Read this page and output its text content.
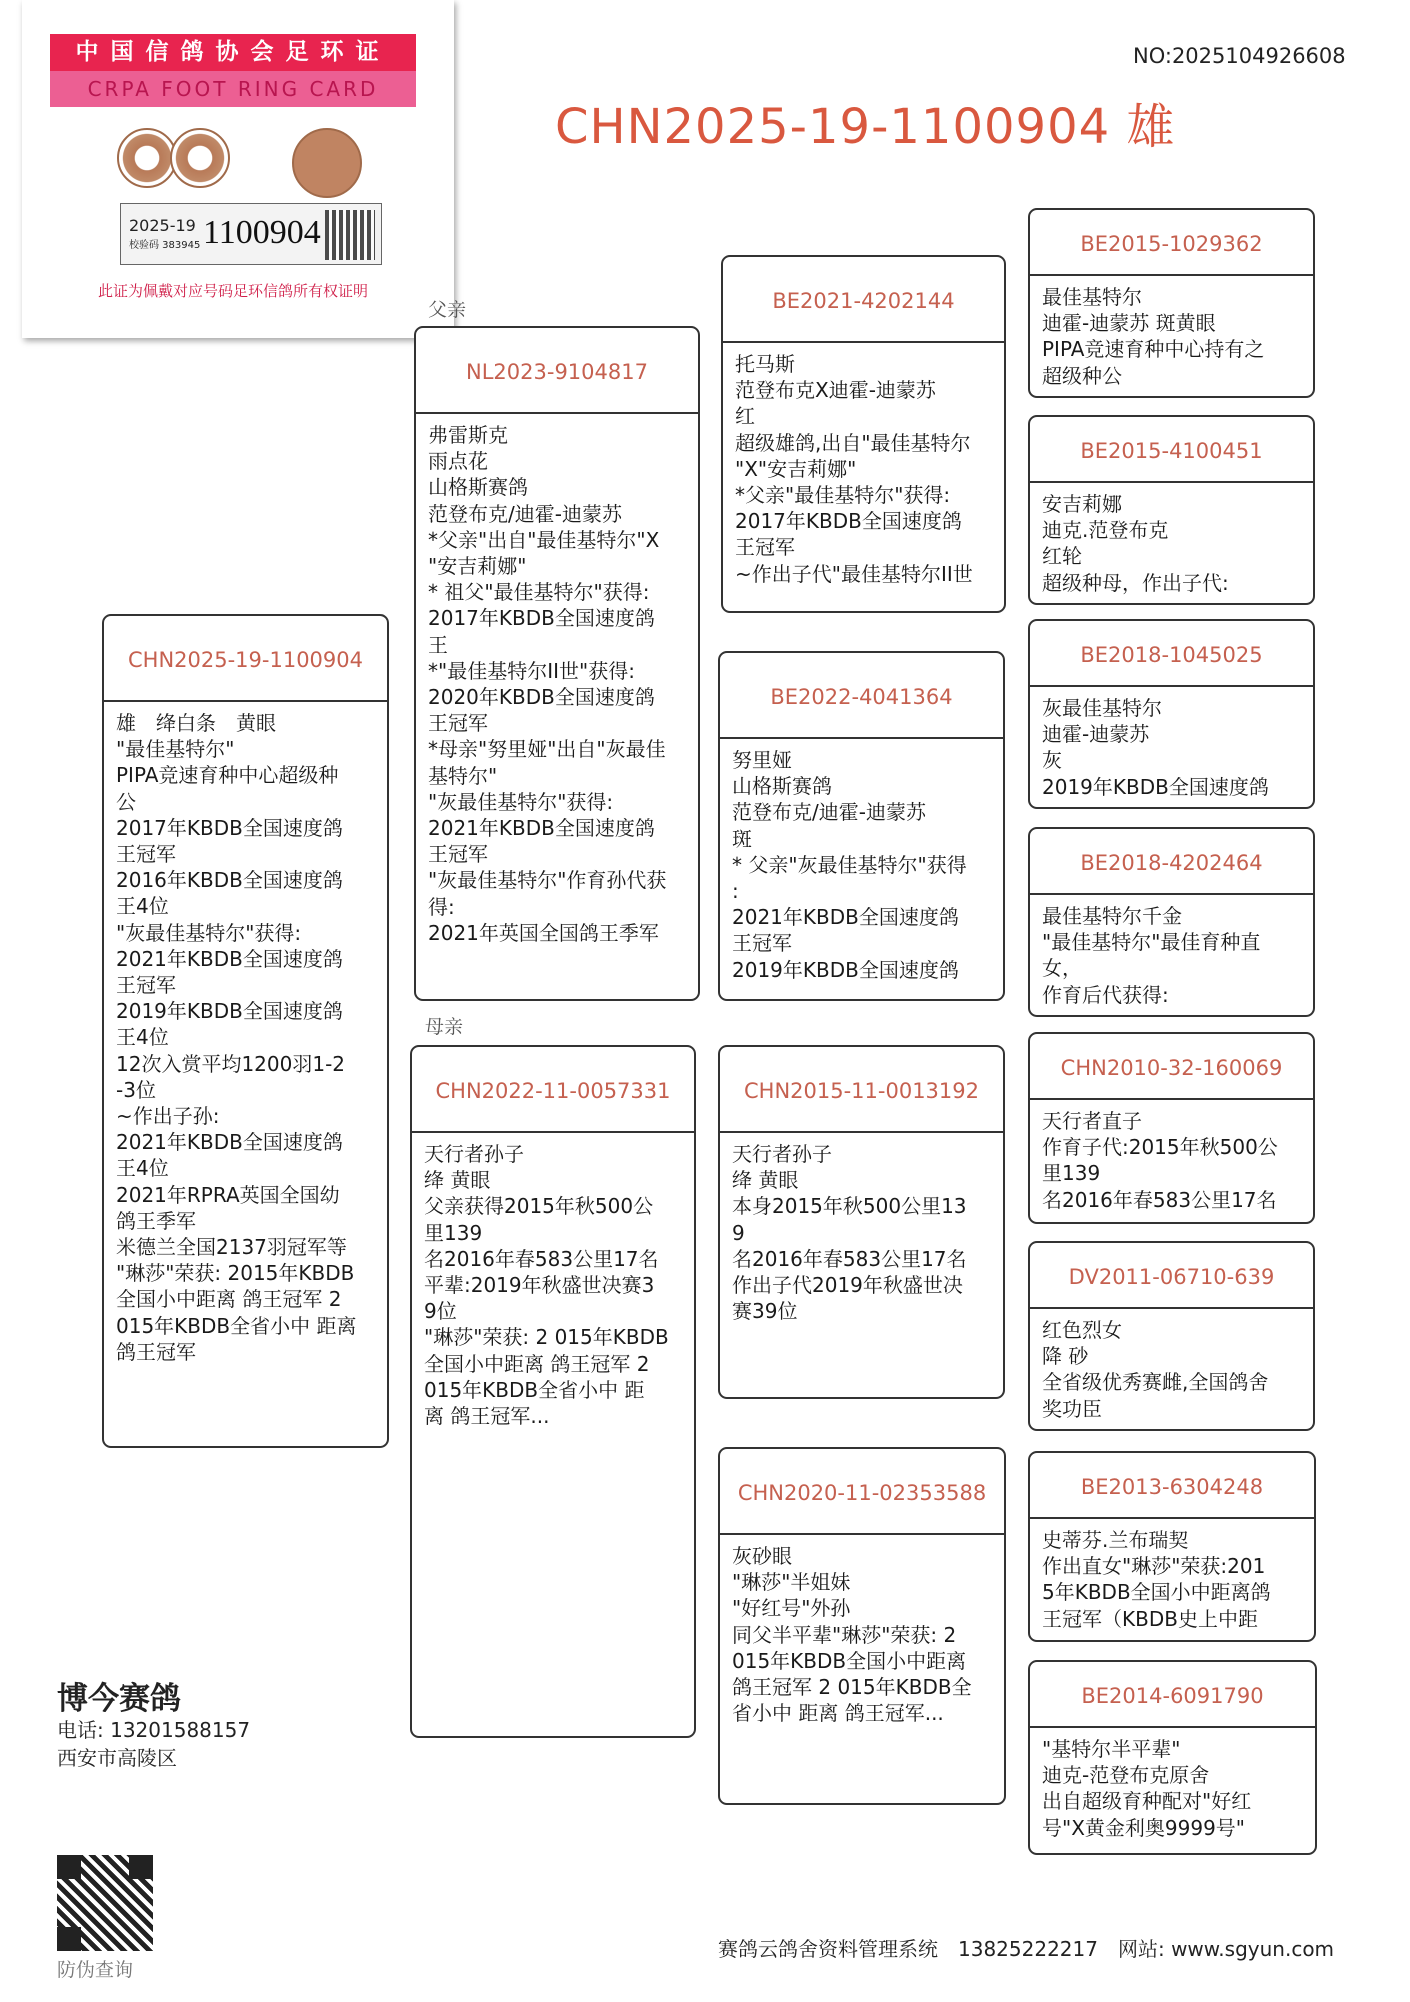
中国信鸽协会足环证
CRPA FOOT RING CARD
2025-19
校验码 383945 1100904
此证为佩戴对应号码足环信鸽所有权证明
NO:2025104926608
CHN2025-19-1100904 雄
父亲
母亲
CHN2025-19-1100904
雄　绛白条　黄眼
"最佳基特尔"
PIPA竞速育种中心超级种
公
2017年KBDB全国速度鸽
王冠军
2016年KBDB全国速度鸽
王4位
"灰最佳基特尔"获得:
2021年KBDB全国速度鸽
王冠军
2019年KBDB全国速度鸽
王4位
12次入赏平均1200羽1-2
-3位
~作出子孙:
2021年KBDB全国速度鸽
王4位
2021年RPRA英国全国幼
鸽王季军
米德兰全国2137羽冠军等
"琳莎"荣获: 2015年KBDB
全国小中距离 鸽王冠军 2
015年KBDB全省小中 距离
鸽王冠军
NL2023-9104817
弗雷斯克
雨点花
山格斯赛鸽
范登布克/迪霍-迪蒙苏
*父亲"出自"最佳基特尔"X
"安吉莉娜"
* 祖父"最佳基特尔"获得:
2017年KBDB全国速度鸽
王
*"最佳基特尔II世"获得:
2020年KBDB全国速度鸽
王冠军
*母亲"努里娅"出自"灰最佳
基特尔"
"灰最佳基特尔"获得:
2021年KBDB全国速度鸽
王冠军
"灰最佳基特尔"作育孙代获
得:
2021年英国全国鸽王季军
CHN2022-11-0057331
天行者孙子
绛 黄眼
父亲获得2015年秋500公
里139
名2016年春583公里17名
平辈:2019年秋盛世决赛3
9位
"琳莎"荣获: 2 015年KBDB
全国小中距离 鸽王冠军 2
015年KBDB全省小中 距
离 鸽王冠军...
BE2021-4202144
托马斯
范登布克X迪霍-迪蒙苏
红
超级雄鸽,出自"最佳基特尔
"X"安吉莉娜"
*父亲"最佳基特尔"获得:
2017年KBDB全国速度鸽
王冠军
~作出子代"最佳基特尔II世
BE2022-4041364
努里娅
山格斯赛鸽
范登布克/迪霍-迪蒙苏
斑
* 父亲"灰最佳基特尔"获得
:
2021年KBDB全国速度鸽
王冠军
2019年KBDB全国速度鸽
CHN2015-11-0013192
天行者孙子
绛 黄眼
本身2015年秋500公里13
9
名2016年春583公里17名
作出子代2019年秋盛世决
赛39位
CHN2020-11-02353588
灰砂眼
"琳莎"半姐妹
"好红号"外孙
同父半平辈"琳莎"荣获: 2
015年KBDB全国小中距离
鸽王冠军 2 015年KBDB全
省小中 距离 鸽王冠军...
BE2015-1029362
最佳基特尔
迪霍-迪蒙苏 斑黄眼
PIPA竞速育种中心持有之
超级种公
BE2015-4100451
安吉莉娜
迪克.范登布克
红轮
超级种母，作出子代:
BE2018-1045025
灰最佳基特尔
迪霍-迪蒙苏
灰
2019年KBDB全国速度鸽
BE2018-4202464
最佳基特尔千金
"最佳基特尔"最佳育种直
女，
作育后代获得:
CHN2010-32-160069
天行者直子
作育子代:2015年秋500公
里139
名2016年春583公里17名
DV2011-06710-639
红色烈女
降 砂
全省级优秀赛雌,全国鸽舍
奖功臣
BE2013-6304248
史蒂芬.兰布瑞契
作出直女"琳莎"荣获:201
5年KBDB全国小中距离鸽
王冠军（KBDB史上中距
BE2014-6091790
"基特尔半平辈"
迪克-范登布克原舍
出自超级育种配对"好红
号"X黄金利奥9999号"
博今赛鸽
电话: 13201588157
西安市高陵区
防伪查询
赛鸽云鸽舍资料管理系统　13825222217　网站: www.sgyun.com
